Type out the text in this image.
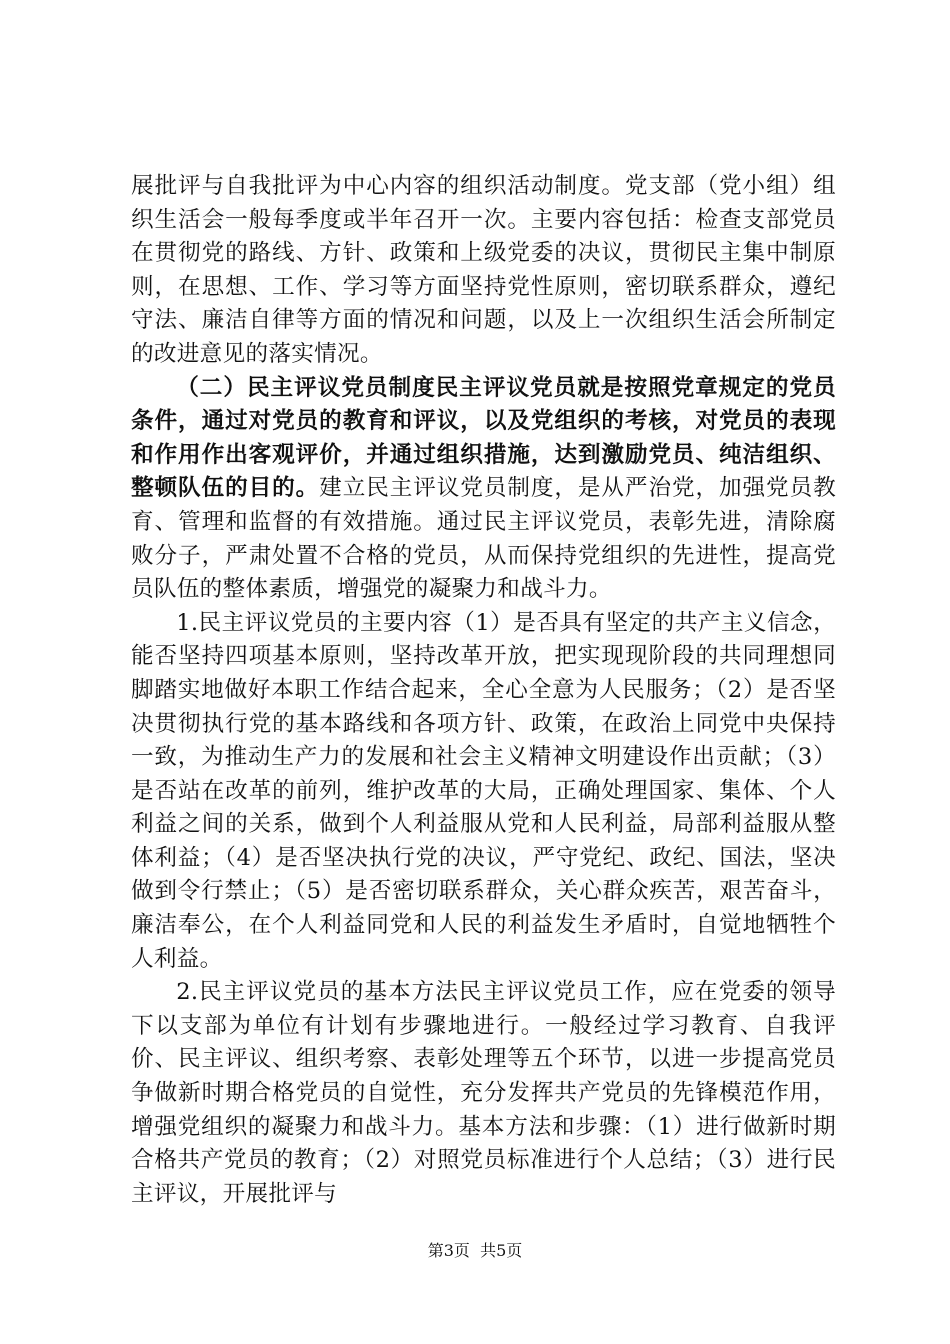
展批评与自我批评为中心内容的组织活动制度。党支部（党小组）组织生活会一般每季度或半年召开一次。主要内容包括：检查支部党员在贯彻党的路线、方针、政策和上级党委的决议，贯彻民主集中制原则，在思想、工作、学习等方面坚持党性原则，密切联系群众，遵纪守法、廉洁自律等方面的情况和问题，以及上一次组织生活会所制定的改进意见的落实情况。

（二）民主评议党员制度民主评议党员就是按照党章规定的党员条件，通过对党员的教育和评议，以及党组织的考核，对党员的表现和作用作出客观评价，并通过组织措施，达到激励党员、纯洁组织、整顿队伍的目的。建立民主评议党员制度，是从严治党，加强党员教育、管理和监督的有效措施。通过民主评议党员，表彰先进，清除腐败分子，严肃处置不合格的党员，从而保持党组织的先进性，提高党员队伍的整体素质，增强党的凝聚力和战斗力。

1.民主评议党员的主要内容（1）是否具有坚定的共产主义信念，能否坚持四项基本原则，坚持改革开放，把实现现阶段的共同理想同脚踏实地做好本职工作结合起来，全心全意为人民服务；（2）是否坚决贯彻执行党的基本路线和各项方针、政策，在政治上同党中央保持一致，为推动生产力的发展和社会主义精神文明建设作出贡献；（3）是否站在改革的前列，维护改革的大局，正确处理国家、集体、个人利益之间的关系，做到个人利益服从党和人民利益，局部利益服从整体利益；（4）是否坚决执行党的决议，严守党纪、政纪、国法，坚决做到令行禁止；（5）是否密切联系群众，关心群众疾苦，艰苦奋斗，廉洁奉公，在个人利益同党和人民的利益发生矛盾时，自觉地牺牲个人利益。

2.民主评议党员的基本方法民主评议党员工作，应在党委的领导下以支部为单位有计划有步骤地进行。一般经过学习教育、自我评价、民主评议、组织考察、表彰处理等五个环节，以进一步提高党员争做新时期合格党员的自觉性，充分发挥共产党员的先锋模范作用，增强党组织的凝聚力和战斗力。基本方法和步骤：（1）进行做新时期合格共产党员的教育；（2）对照党员标准进行个人总结；（3）进行民主评议，开展批评与

第3页 共5页
